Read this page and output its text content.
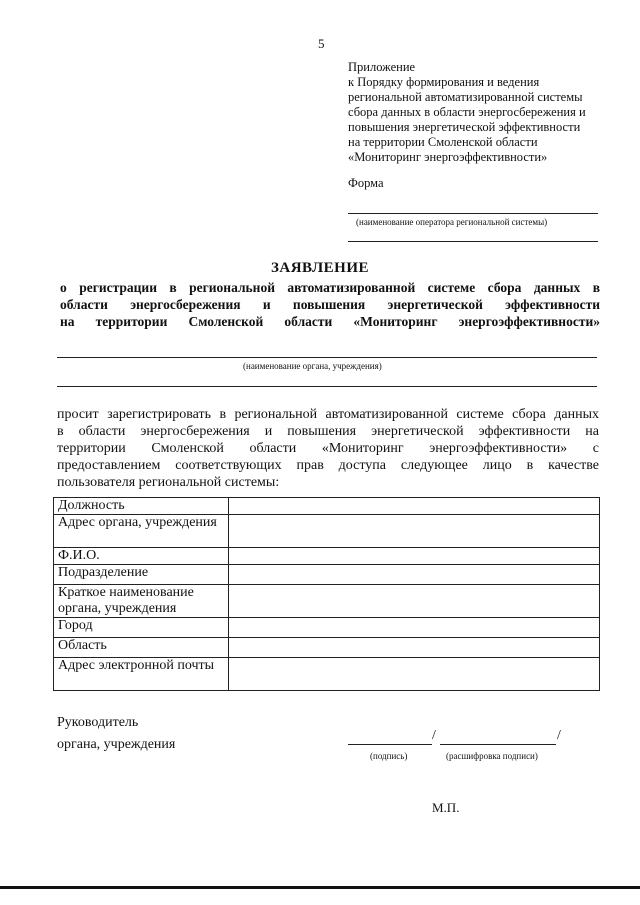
5
Приложение
к Порядку формирования и ведения
региональной автоматизированной системы
сбора данных в области энергосбережения и
повышения энергетической эффективности
на территории Смоленской области
«Мониторинг энергоэффективности»
Форма
(наименование оператора региональной системы)
ЗАЯВЛЕНИЕ
о регистрации в региональной автоматизированной системе сбора данных в
области энергосбережения и повышения энергетической эффективности
на территории Смоленской области «Мониторинг энергоэффективности»
(наименование органа, учреждения)
просит зарегистрировать в региональной автоматизированной системе сбора данных
в области энергосбережения и повышения энергетической эффективности на
территории Смоленской области «Мониторинг энергоэффективности» с
предоставлением соответствующих прав доступа следующее лицо в качестве
пользователя региональной системы:
Должность	
Адрес органа, учреждения	
Ф.И.О.	
Подразделение	
Краткое наименование органа, учреждения	
Город	
Область	
Адрес электронной почты	
Руководитель
органа, учреждения
/	/
(подпись)	(расшифровка подписи)
М.П.
